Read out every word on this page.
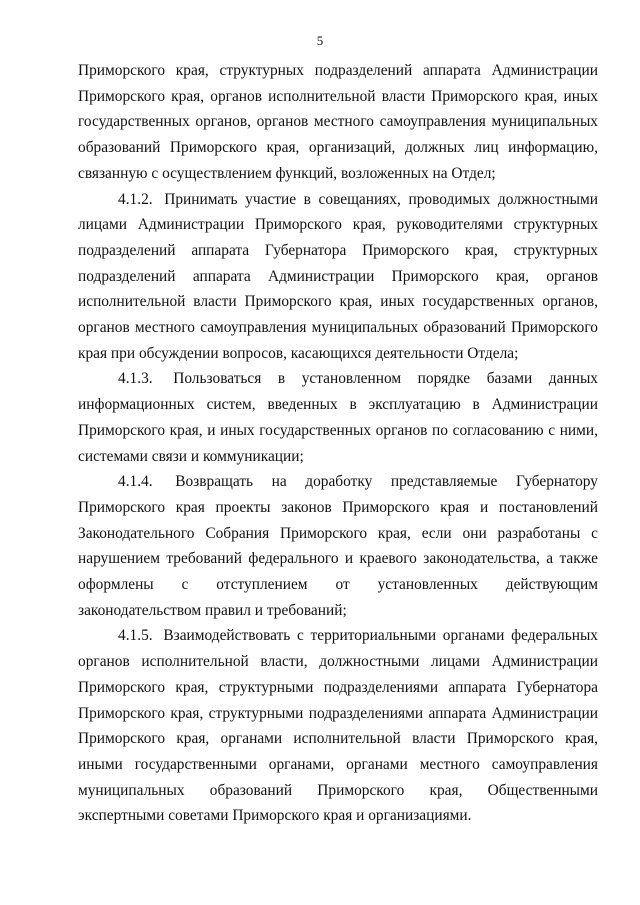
5

Приморского края, структурных подразделений аппарата Администрации Приморского края, органов исполнительной власти Приморского края, иных государственных органов, органов местного самоуправления муниципальных образований Приморского края, организаций, должных лиц информацию, связанную с осуществлением функций, возложенных на Отдел;

4.1.2. Принимать участие в совещаниях, проводимых должностными лицами Администрации Приморского края, руководителями структурных подразделений аппарата Губернатора Приморского края, структурных подразделений аппарата Администрации Приморского края, органов исполнительной власти Приморского края, иных государственных органов, органов местного самоуправления муниципальных образований Приморского края при обсуждении вопросов, касающихся деятельности Отдела;

4.1.3. Пользоваться в установленном порядке базами данных информационных систем, введенных в эксплуатацию в Администрации Приморского края, и иных государственных органов по согласованию с ними, системами связи и коммуникации;

4.1.4. Возвращать на доработку представляемые Губернатору Приморского края проекты законов Приморского края и постановлений Законодательного Собрания Приморского края, если они разработаны с нарушением требований федерального и краевого законодательства, а также оформлены с отступлением от установленных действующим законодательством правил и требований;

4.1.5. Взаимодействовать с территориальными органами федеральных органов исполнительной власти, должностными лицами Администрации Приморского края, структурными подразделениями аппарата Губернатора Приморского края, структурными подразделениями аппарата Администрации Приморского края, органами исполнительной власти Приморского края, иными государственными органами, органами местного самоуправления муниципальных образований Приморского края, Общественными экспертными советами Приморского края и организациями.
